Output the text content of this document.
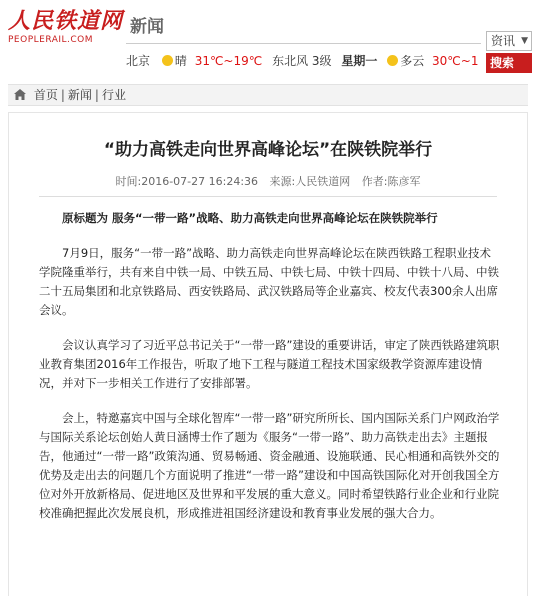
人民铁道网
PEOPLERAIL.COM
新闻
北京 晴 31℃~19℃ 东北风 3级 星期一 多云 30℃~1
资讯 ▼
搜索
首页 | 新闻 | 行业
“助力高铁走向世界高峰论坛”在陕铁院举行
时间:2016-07-27 16:24:36 来源:人民铁道网 作者:陈彦军

原标题为 服务“一带一路”战略、助力高铁走向世界高峰论坛在陕铁院举行

7月9日，服务“一带一路”战略、助力高铁走向世界高峰论坛在陕西铁路工程职业技术学院隆重举行，共有来自中铁一局、中铁五局、中铁七局、中铁十四局、中铁十八局、中铁二十五局集团和北京铁路局、西安铁路局、武汉铁路局等企业嘉宾、校友代表300余人出席会议。

会议认真学习了习近平总书记关于“一带一路”建设的重要讲话，审定了陕西铁路建筑职业教育集团2016年工作报告，听取了地下工程与隧道工程技术国家级教学资源库建设情况，并对下一步相关工作进行了安排部署。

会上，特邀嘉宾中国与全球化智库“一带一路”研究所所长、国内国际关系门户网政治学与国际关系论坛创始人黄日涵博士作了题为《服务“一带一路”、助力高铁走出去》主题报告，他通过“一带一路”政策沟通、贸易畅通、资金融通、设施联通、民心相通和高铁外交的优势及走出去的问题几个方面说明了推进“一带一路”建设和中国高铁国际化对开创我国全方位对外开放新格局、促进地区及世界和平发展的重大意义。同时希望铁路行业企业和行业院校准确把握此次发展良机，形成推进祖国经济建设和教育事业发展的强大合力。
